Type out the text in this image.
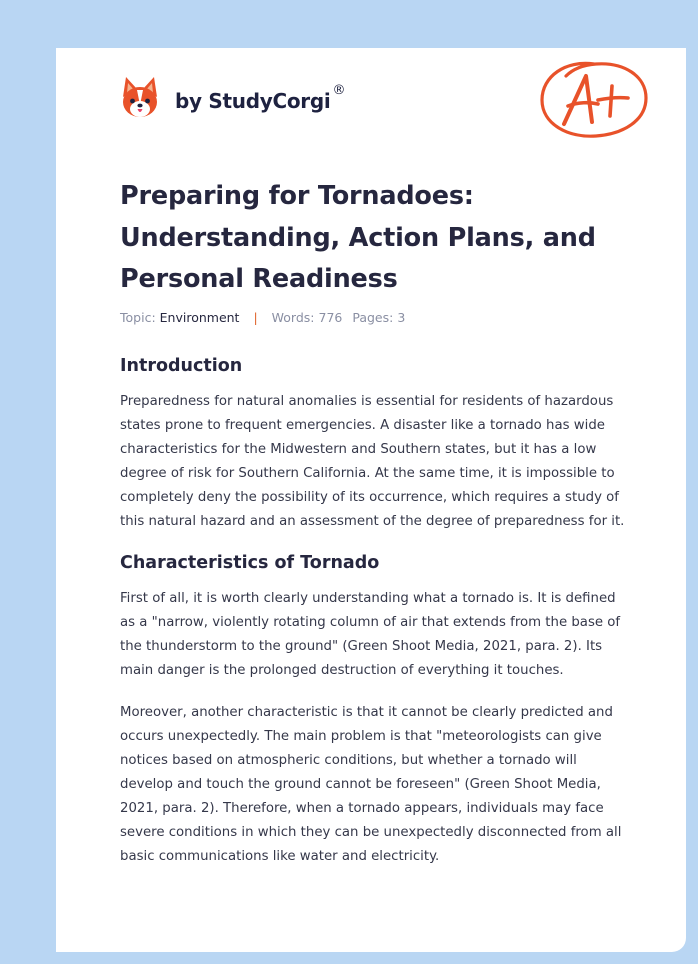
by StudyCorgi ®
Preparing for Tornadoes: Understanding, Action Plans, and Personal Readiness
Topic: Environment | Words: 776 Pages: 3
Introduction

Preparedness for natural anomalies is essential for residents of hazardous states prone to frequent emergencies. A disaster like a tornado has wide characteristics for the Midwestern and Southern states, but it has a low degree of risk for Southern California. At the same time, it is impossible to completely deny the possibility of its occurrence, which requires a study of this natural hazard and an assessment of the degree of preparedness for it.

Characteristics of Tornado

First of all, it is worth clearly understanding what a tornado is. It is defined as a "narrow, violently rotating column of air that extends from the base of the thunderstorm to the ground" (Green Shoot Media, 2021, para. 2). Its main danger is the prolonged destruction of everything it touches.

Moreover, another characteristic is that it cannot be clearly predicted and occurs unexpectedly. The main problem is that "meteorologists can give notices based on atmospheric conditions, but whether a tornado will develop and touch the ground cannot be foreseen" (Green Shoot Media, 2021, para. 2). Therefore, when a tornado appears, individuals may face severe conditions in which they can be unexpectedly disconnected from all basic communications like water and electricity.
